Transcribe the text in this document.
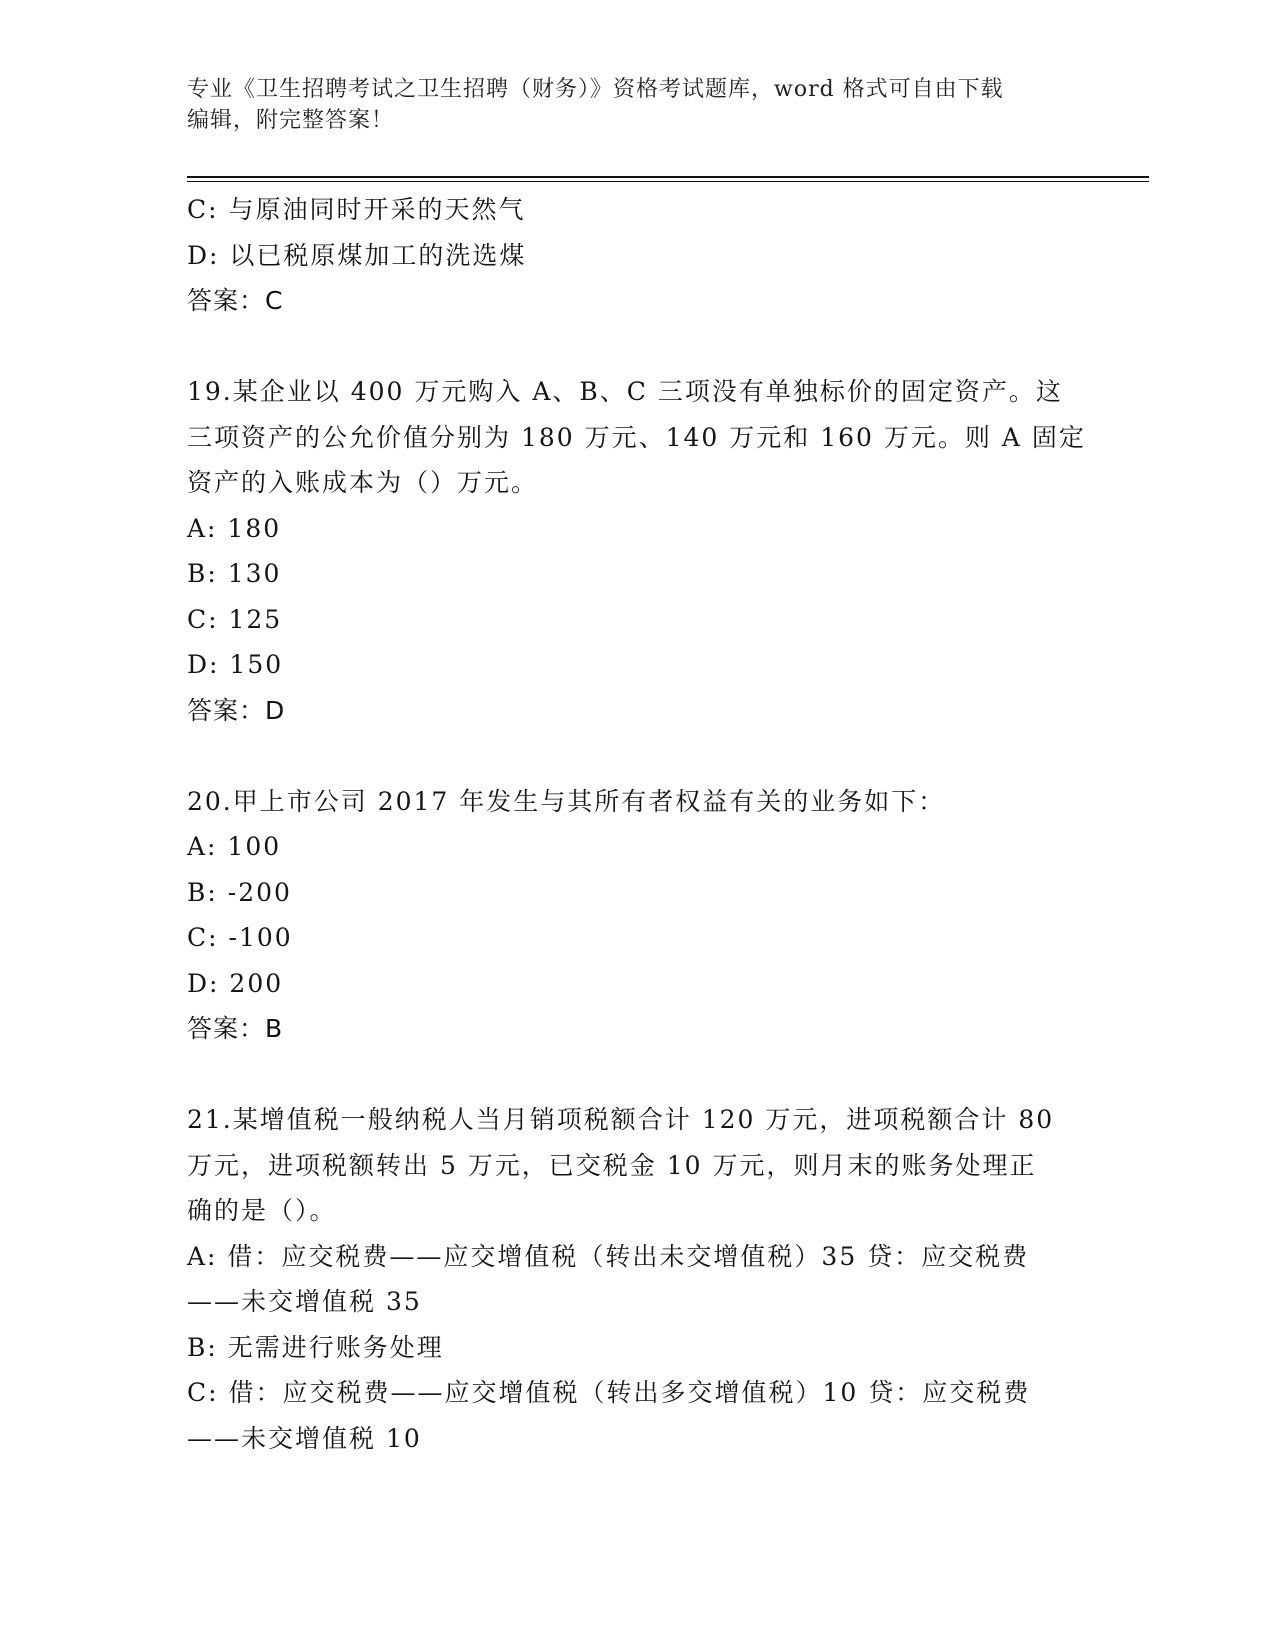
专业《卫生招聘考试之卫生招聘（财务）》资格考试题库，word 格式可自由下载
编辑，附完整答案！
C: 与原油同时开采的天然气
D: 以已税原煤加工的洗选煤
答案：C
19.某企业以 400 万元购入 A、B、C 三项没有单独标价的固定资产。这
三项资产的公允价值分别为 180 万元、140 万元和 160 万元。则 A 固定
资产的入账成本为（）万元。
A: 180
B: 130
C: 125
D: 150
答案：D
20.甲上市公司 2017 年发生与其所有者权益有关的业务如下：
A: 100
B: -200
C: -100
D: 200
答案：B
21.某增值税一般纳税人当月销项税额合计 120 万元，进项税额合计 80
万元，进项税额转出 5 万元，已交税金 10 万元，则月末的账务处理正
确的是（）。
A: 借：应交税费——应交增值税（转出未交增值税）35 贷：应交税费
——未交增值税 35
B: 无需进行账务处理
C: 借：应交税费——应交增值税（转出多交增值税）10 贷：应交税费
——未交增值税 10
